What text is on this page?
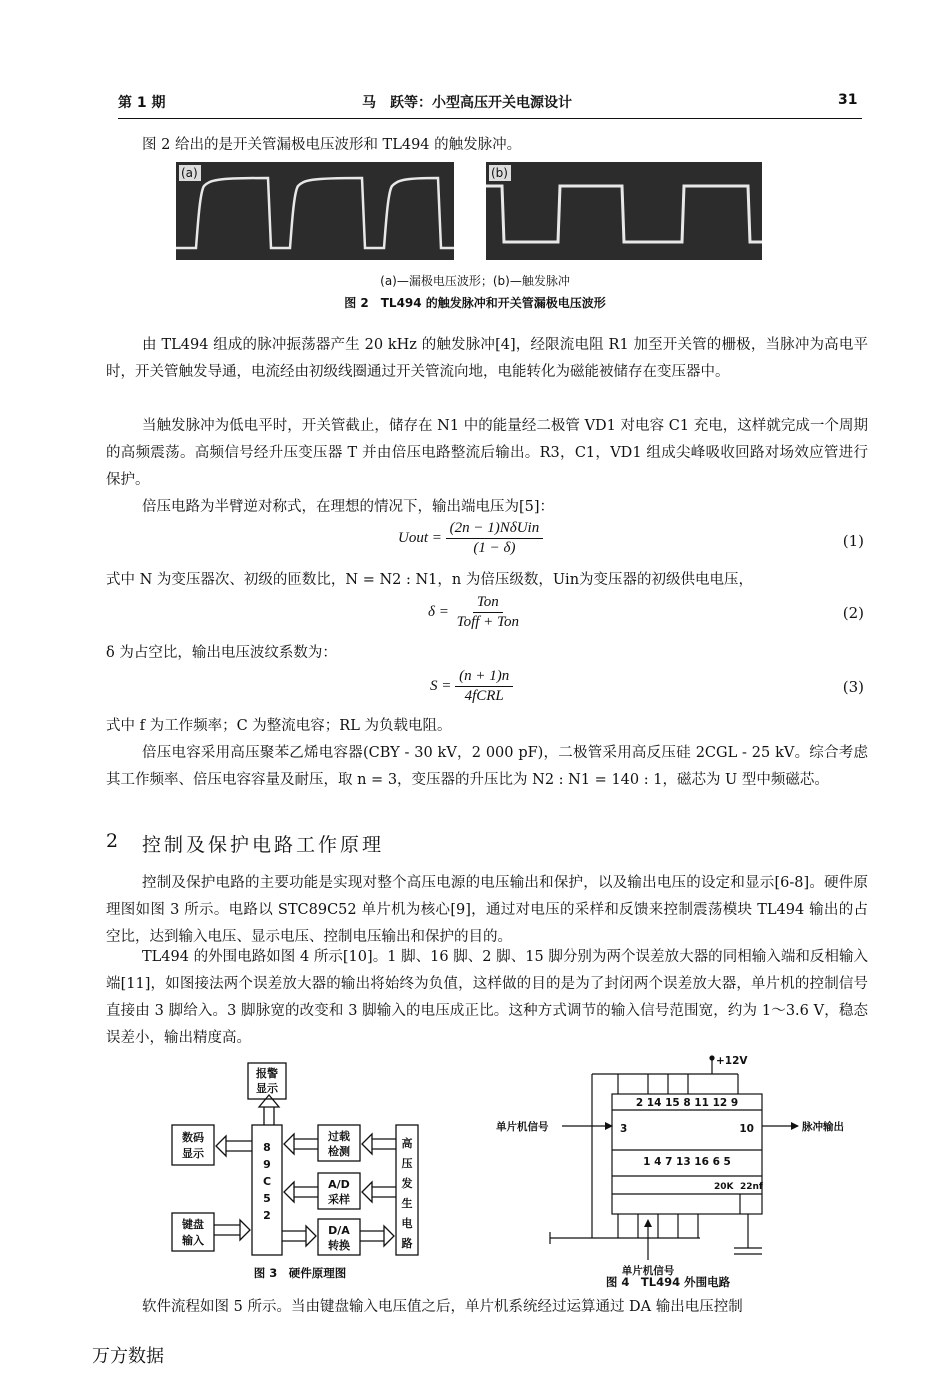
第 1 期	马　跃等：小型高压开关电源设计	31
图 2 给出的是开关管漏极电压波形和 TL494 的触发脉冲。
(a)	(b)
(a)—漏极电压波形；(b)—触发脉冲
图 2　TL494 的触发脉冲和开关管漏极电压波形
由 TL494 组成的脉冲振荡器产生 20 kHz 的触发脉冲[4]，经限流电阻 R1 加至开关管的栅极，当脉冲为高电平时，开关管触发导通，电流经由初级线圈通过开关管流向地，电能转化为磁能被储存在变压器中。
当触发脉冲为低电平时，开关管截止，储存在 N1 中的能量经二极管 VD1 对电容 C1 充电，这样就完成一个周期的高频震荡。高频信号经升压变压器 T 并由倍压电路整流后输出。R3，C1，VD1 组成尖峰吸收回路对场效应管进行保护。
倍压电路为半臂逆对称式，在理想的情况下，输出端电压为[5]：
Uout = $\frac{\text{(2n − 1)NδUin}}{(1 - \delta)}$	(1)
式中 N 为变压器次、初级的匝数比，N = N2 : N1，n 为倍压级数，Uin为变压器的初级供电电压，
$\delta = \frac{\text{Ton}}{\text{Toff + Ton}}$	(2)
δ 为占空比，输出电压波纹系数为：
$S = \frac{(n + 1)n}{\text{4fCRL}}$	(3)
式中 f 为工作频率；C 为整流电容；RL 为负载电阻。
倍压电容采用高压聚苯乙烯电容器(CBY - 30 kV，2 000 pF)，二极管采用高反压硅 2CGL - 25 kV。综合考虑其工作频率、倍压电容容量及耐压，取 n = 3，变压器的升压比为 N2 : N1 = 140 : 1，磁芯为 U 型中频磁芯。
2 控制及保护电路工作原理
控制及保护电路的主要功能是实现对整个高压电源的电压输出和保护，以及输出电压的设定和显示[6-8]。硬件原理图如图 3 所示。电路以 STC89C52 单片机为核心[9]，通过对电压的采样和反馈来控制震荡模块 TL494 输出的占空比，达到输入电压、显示电压、控制电压输出和保护的目的。
TL494 的外围电路如图 4 所示[10]。1 脚、16 脚、2 脚、15 脚分别为两个误差放大器的同相输入端和反相输入端[11]，如图接法两个误差放大器的输出将始终为负值，这样做的目的是为了封闭两个误差放大器，单片机的控制信号直接由 3 脚给入。3 脚脉宽的改变和 3 脚输入的电压成正比。这种方式调节的输入信号范围宽，约为 1～3.6 V，稳态误差小，输出精度高。
报警
显示
数码
显示
键盘
输入
8
9
C
5
2
过载
检测
A/D
采样
D/A
转换
高
压
发
生
电
路
图 3　硬件原理图
+12V
2 14 15 8 11 12 9
3	10
1 4 7 13 16 6 5
20K 22nf
单片机信号	脉冲输出
单片机信号
图 4　TL494 外围电路
软件流程如图 5 所示。当由键盘输入电压值之后，单片机系统经过运算通过 DA 输出电压控制
万方数据
